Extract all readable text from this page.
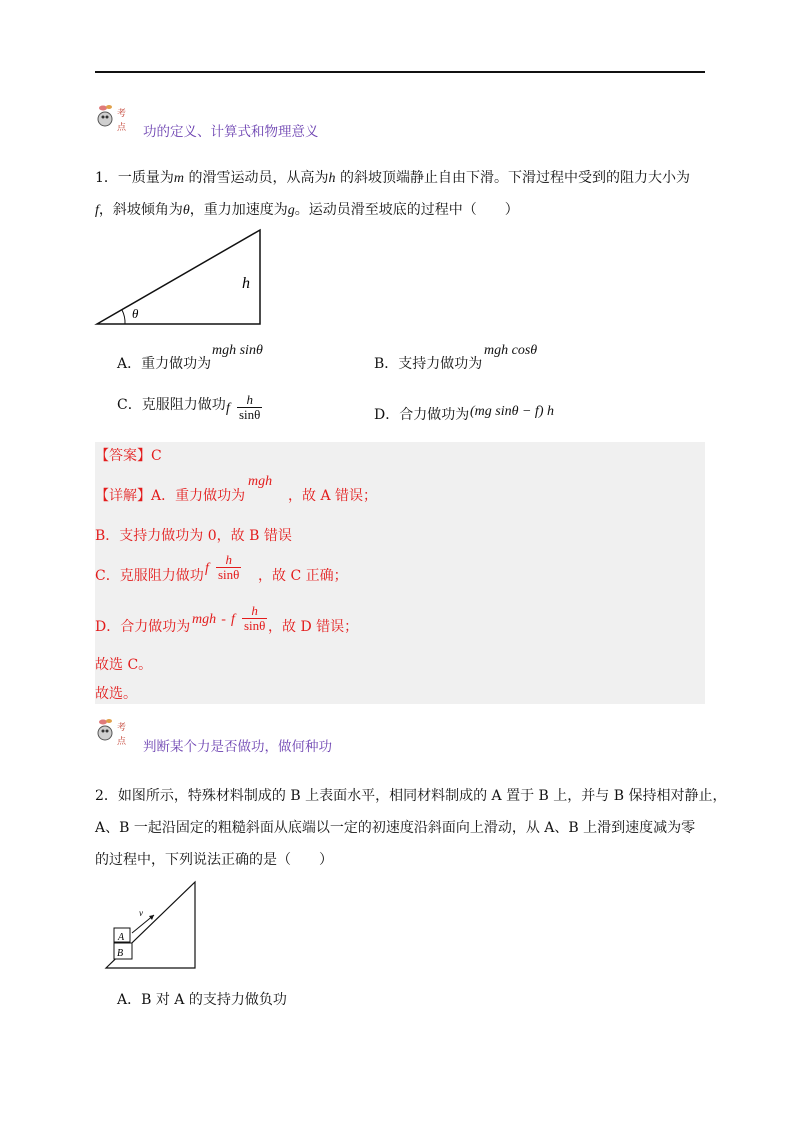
考
点 功的定义、计算式和物理意义
1．一质量为m 的滑雪运动员，从高为h 的斜坡顶端静止自由下滑。下滑过程中受到的阻力大小为
f，斜坡倾角为θ，重力加速度为g。运动员滑至坡底的过程中（　　）
h
θ
A．重力做功为
mgh sinθ
B．支持力做功为
mgh cosθ
C．克服阻力做功 f $\frac{h}{\sin\theta}$	D．合力做功为 (mg sinθ − f) h
【答案】C
【详解】A．重力做功为
mgh
，故 A 错误；
B．支持力做功为 0，故 B 错误
C．克服阻力做功 f $\frac{h}{\sin\theta}$ ，故 C 正确；
D．合力做功为 mgh - f $\frac{h}{\sin\theta}$ ，故 D 错误；
故选 C。
故选。
考
点 判断某个力是否做功，做何种功
2．如图所示，特殊材料制成的 B 上表面水平，相同材料制成的 A 置于 B 上，并与 B 保持相对静止，
A、B 一起沿固定的粗糙斜面从底端以一定的初速度沿斜面向上滑动，从 A、B 上滑到速度减为零
的过程中，下列说法正确的是（　　）
A
B
v
A．B 对 A 的支持力做负功
